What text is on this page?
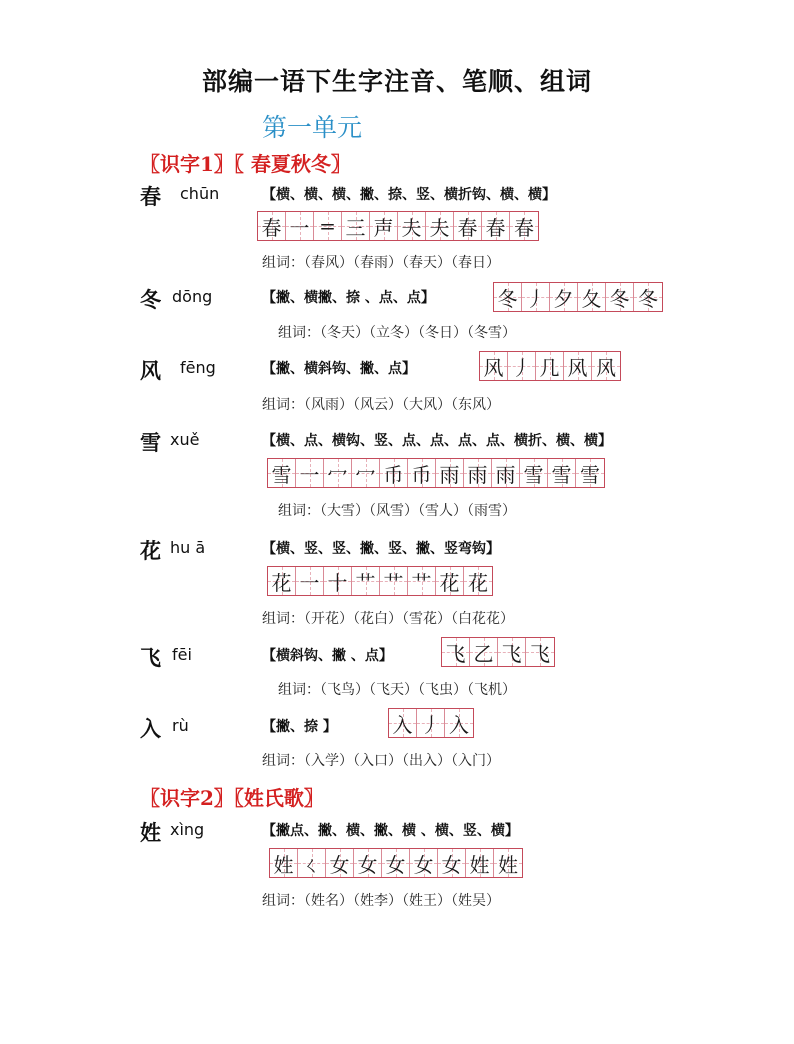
部编一语下生字注音、笔顺、组词
第一单元
〖识字1〗〖 春夏秋冬〗
春 chūn	【横、横、横、撇、捺、竖、横折钩、横、横】
春 一 = 三 声 夫 夫 春 春 春
组词：（春风）（春雨）（春天）（春日）
冬 dōng	【撇、横撇、捺 、点、点】	冬 丿 夕 夂 冬 冬
组词：（冬天）（立冬）（冬日）（冬雪）
风 fēng	【撇、横斜钩、撇、点】	风 丿 几 风 风
组词：（风雨）（风云）（大风）（东风）
雪 xuě	【横、点、横钩、竖、点、点、点、点、横折、横、横】
雪 一 冖 冖 币 币 雨 雨 雨 雪 雪 雪
组词：（大雪）（风雪）（雪人）（雨雪）
花 hu ā	【横、竖、竖、撇、竖、撇、竖弯钩】
花 一 十 艹 艹 艹 花 花
组词：（开花）（花白）（雪花）（白花花）
飞 fēi	【横斜钩、撇 、点】	飞 乙 飞 飞
组词：（飞鸟）（飞天）（飞虫）（飞机）
入 rù	【撇、捺 】	入 丿 入
组词：（入学）（入口）（出入）（入门）
〖识字2〗〖姓氏歌〗
姓 xìng	【撇点、撇、横、撇、横 、横、竖、横】
姓 ㄑ 女 女 女 女 女 姓 姓
组词：（姓名）（姓李）（姓王）（姓吴）
